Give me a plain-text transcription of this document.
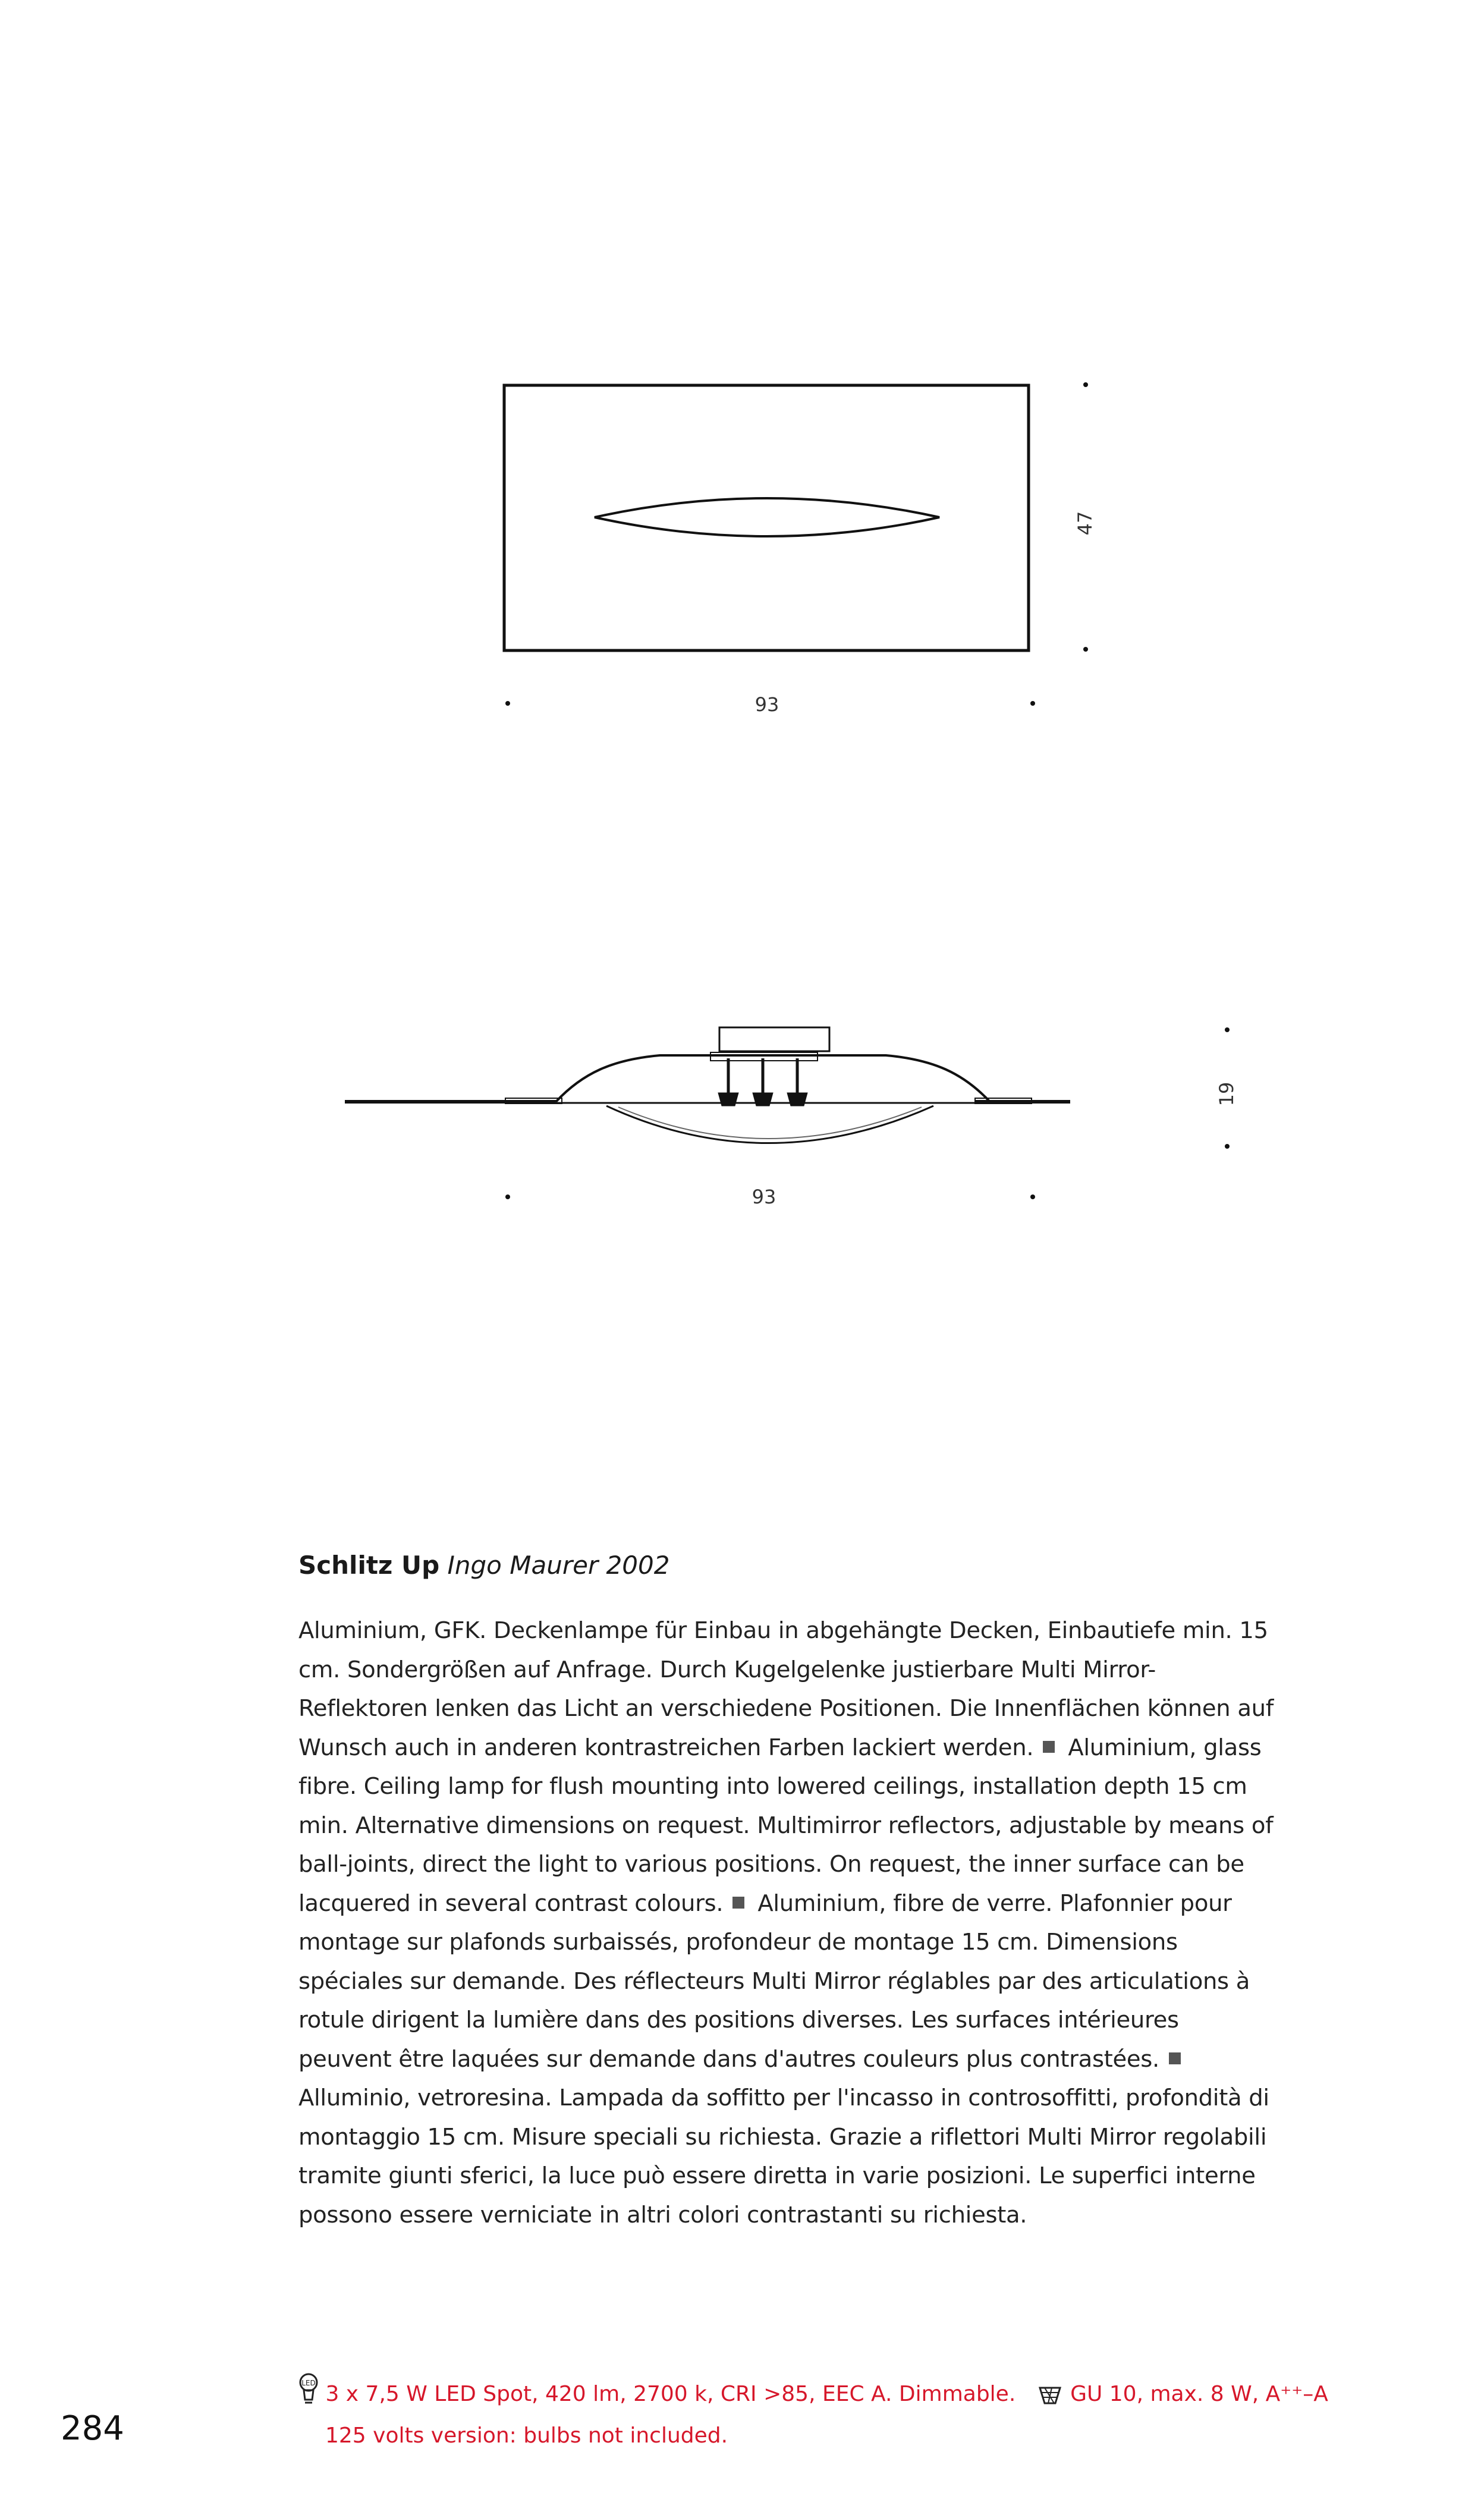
47
93
19
93
Schlitz Up Ingo Maurer 2002

Aluminium, GFK. Deckenlampe für Einbau in abgehängte Decken, Einbautiefe min. 15 cm. Sondergrößen auf Anfrage. Durch Kugelgelenke justierbare Multi Mirror-Reflektoren lenken das Licht an verschiedene Positionen. Die Innenflächen können auf Wunsch auch in anderen kontrastreichen Farben lackiert werden. Aluminium, glass fibre. Ceiling lamp for flush mounting into lowered ceilings, installation depth 15 cm min. Alternative dimensions on request. Multimirror reflectors, adjustable by means of ball-joints, direct the light to various positions. On request, the inner surface can be lacquered in several contrast colours. Aluminium, fibre de verre. Plafonnier pour montage sur plafonds surbaissés, profondeur de montage 15 cm. Dimensions spéciales sur demande. Des réflecteurs Multi Mirror réglables par des articulations à rotule dirigent la lumière dans des positions diverses. Les surfaces intérieures peuvent être laquées sur demande dans d'autres couleurs plus contrastées.Alluminio, vetroresina. Lampada da soffitto per l'incasso in controsoffitti, profondità di montaggio 15 cm. Misure speciali su richiesta. Grazie a riflettori Multi Mirror regolabili tramite giunti sferici, la luce può essere diretta in varie posizioni. Le superfici interne possono essere verniciate in altri colori contrastanti su richiesta.

LED 3 x 7,5 W LED Spot, 420 lm, 2700 k, CRI >85, EEC A. Dimmable.	GU 10, max. 8 W, A⁺⁺–A
125 volts version: bulbs not included.
284
